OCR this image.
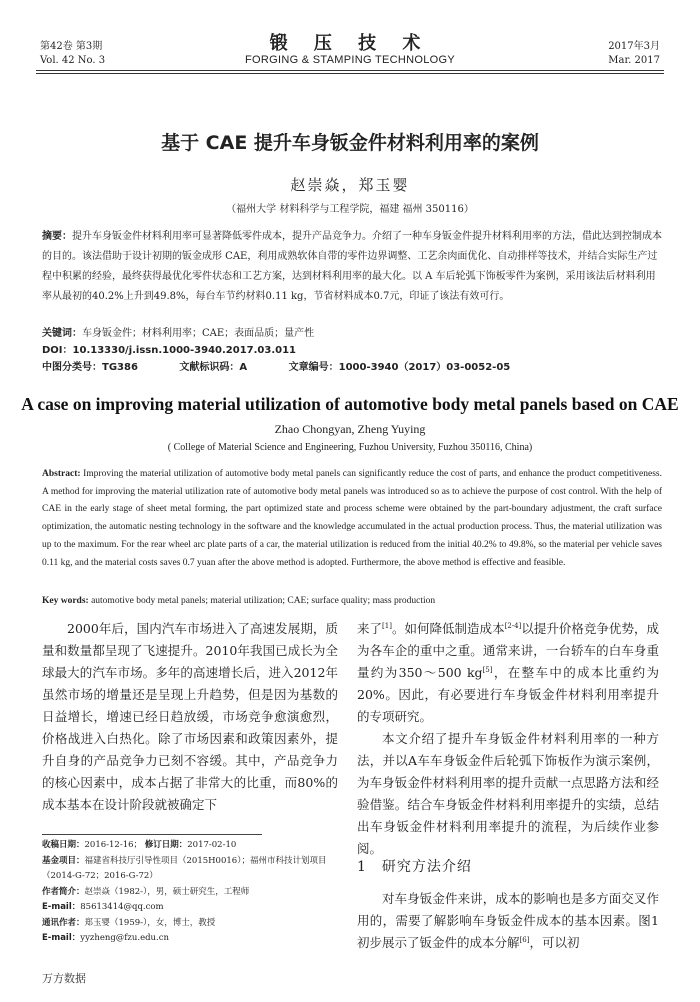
第42卷 第3期
Vol. 42 No. 3
锻 压 技 术
FORGING & STAMPING TECHNOLOGY
2017年3月
Mar. 2017
基于 CAE 提升车身钣金件材料利用率的案例
赵崇焱，郑玉婴
（福州大学 材料科学与工程学院，福建 福州 350116）
摘要：提升车身钣金件材料利用率可显著降低零件成本，提升产品竞争力。介绍了一种车身钣金件提升材料利用率的方法，借此达到控制成本的目的。该法借助于设计初期的钣金成形 CAE，利用成熟软体自带的零件边界调整、工艺余肉面优化、自动排样等技术，并结合实际生产过程中积累的经验，最终获得最优化零件状态和工艺方案，达到材料利用率的最大化。以 A 车后轮弧下饰板零件为案例，采用该法后材料利用率从最初的40.2%上升到49.8%，每台车节约材料0.11 kg，节省材料成本0.7元，印证了该法有效可行。
关键词：车身钣金件；材料利用率；CAE；表面品质；量产性
DOI：10.13330/j.issn.1000-3940.2017.03.011
中图分类号：TG386	文献标识码：A	文章编号：1000-3940（2017）03-0052-05
A case on improving material utilization of automotive body metal panels based on CAE
Zhao Chongyan, Zheng Yuying
( College of Material Science and Engineering, Fuzhou University, Fuzhou 350116, China)
Abstract: Improving the material utilization of automotive body metal panels can significantly reduce the cost of parts, and enhance the product competitiveness. A method for improving the material utilization rate of automotive body metal panels was introduced so as to achieve the purpose of cost control. With the help of CAE in the early stage of sheet metal forming, the part optimized state and process scheme were obtained by the part-boundary adjustment, the craft surface optimization, the automatic nesting technology in the software and the knowledge accumulated in the actual production process. Thus, the material utilization was up to the maximum. For the rear wheel arc plate parts of a car, the material utilization is reduced from the initial 40.2% to 49.8%, so the material per vehicle saves 0.11 kg, and the material costs saves 0.7 yuan after the above method is adopted. Furthermore, the above method is effective and feasible.
Key words: automotive body metal panels; material utilization; CAE; surface quality; mass production

2000年后，国内汽车市场进入了高速发展期，质量和数量都呈现了飞速提升。2010年我国已成长为全球最大的汽车市场。多年的高速增长后，进入2012年虽然市场的增量还是呈现上升趋势，但是因为基数的日益增长，增速已经日趋放缓，市场竞争愈演愈烈，价格战进入白热化。除了市场因素和政策因素外，提升自身的产品竞争力已刻不容缓。其中，产品竞争力的核心因素中，成本占据了非常大的比重，而80%的成本基本在设计阶段就被确定下

收稿日期：2016-12-16； 修订日期：2017-02-10
基金项目：福建省科技厅引导性项目（2015H0016）；福州市科技计划项目（2014-G-72；2016-G-72）
作者简介：赵崇焱（1982-），男，硕士研究生，工程师
E-mail：85613414@qq.com
通讯作者：郑玉婴（1959-），女，博士，教授
E-mail：yyzheng@fzu.edu.cn

来了[1]。如何降低制造成本[2-4]以提升价格竞争优势，成为各车企的重中之重。通常来讲，一台轿车的白车身重量约为350～500 kg[5]，在整车中的成本比重约为20%。因此，有必要进行车身钣金件材料利用率提升的专项研究。

本文介绍了提升车身钣金件材料利用率的一种方法，并以A车车身钣金件后轮弧下饰板作为演示案例，为车身钣金件材料利用率的提升贡献一点思路方法和经验借鉴。结合车身钣金件材料利用率提升的实绩，总结出车身钣金件材料利用率提升的流程，为后续作业参阅。

1　研究方法介绍

对车身钣金件来讲，成本的影响也是多方面交叉作用的，需要了解影响车身钣金件成本的基本因素。图1初步展示了钣金件的成本分解[6]，可以初

万方数据
